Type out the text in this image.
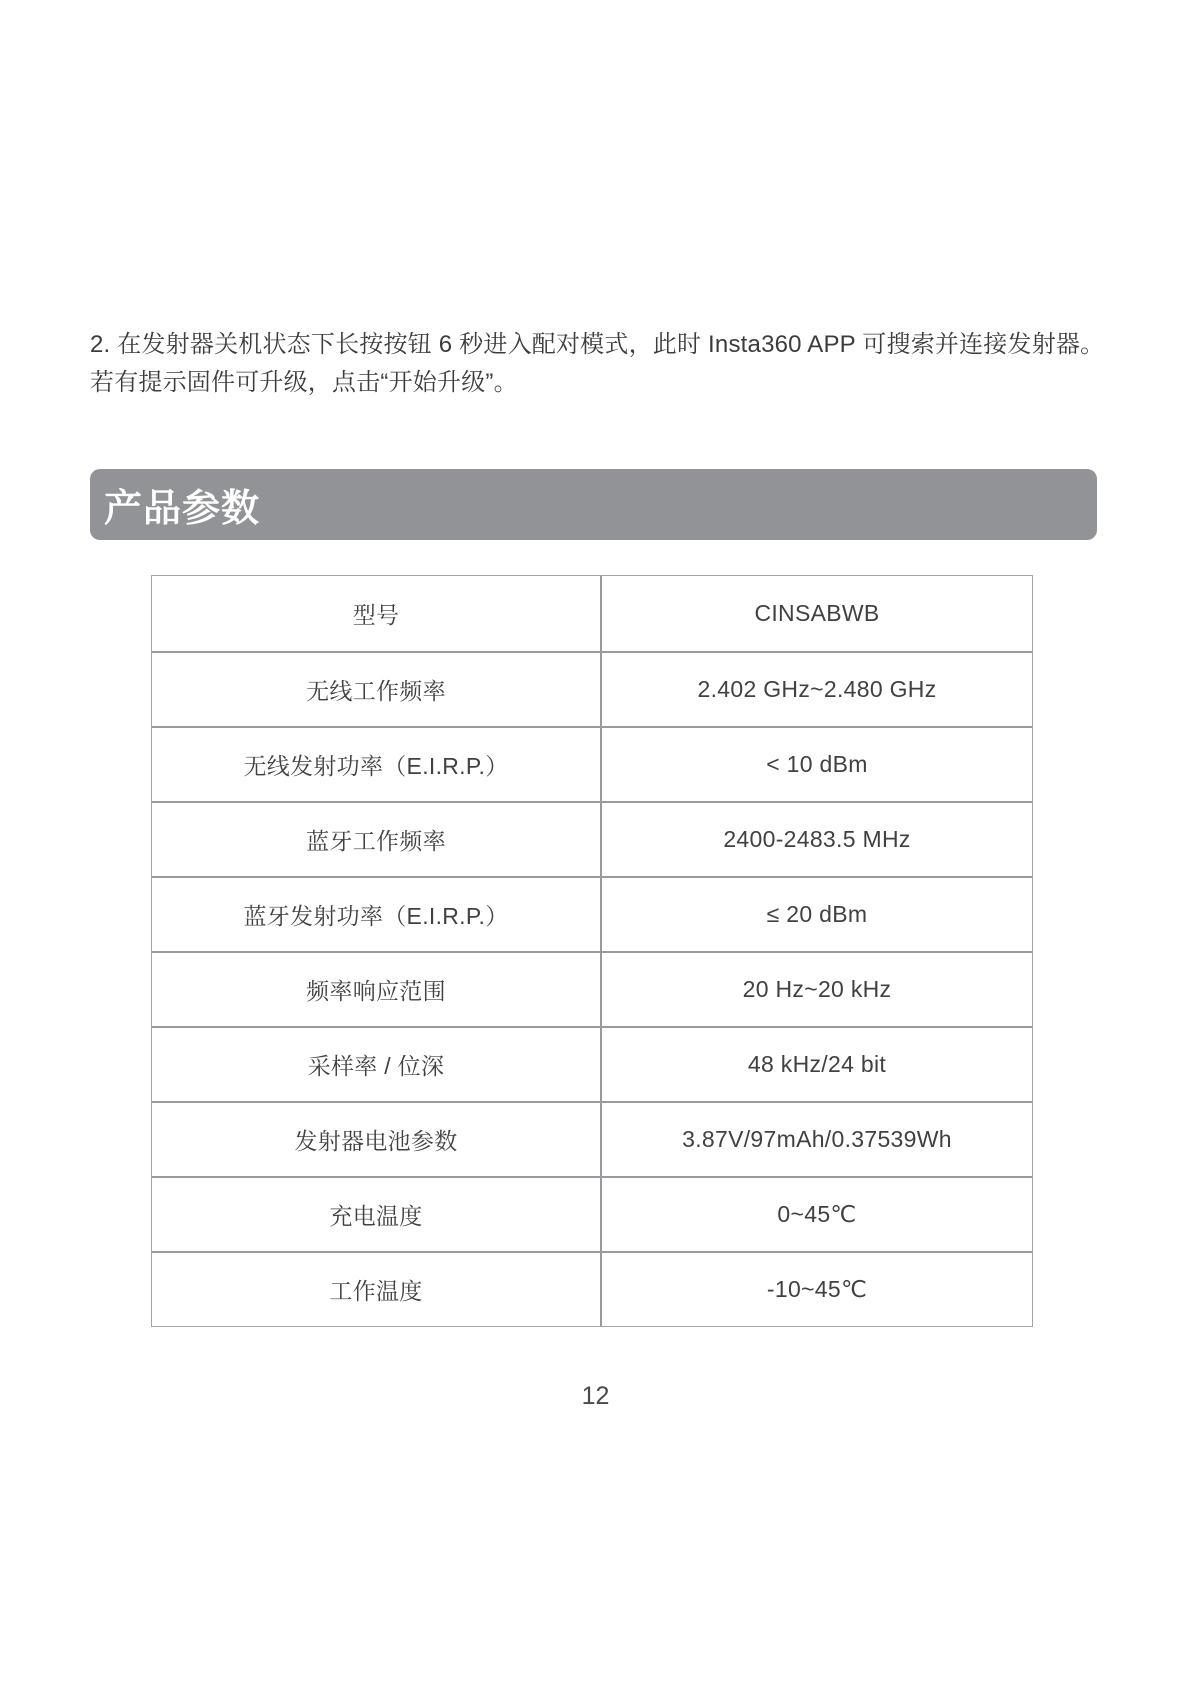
2. 在发射器关机状态下长按按钮 6 秒进入配对模式，此时 Insta360 APP 可搜索并连接发射器。若有提示固件可升级，点击“开始升级”。

产品参数
型号	CINSABWB
无线工作频率	2.402 GHz~2.480 GHz
无线发射功率（E.I.R.P.）	< 10 dBm
蓝牙工作频率	2400-2483.5 MHz
蓝牙发射功率（E.I.R.P.）	≤ 20 dBm
频率响应范围	20 Hz~20 kHz
采样率 / 位深	48 kHz/24 bit
发射器电池参数	3.87V/97mAh/0.37539Wh
充电温度	0~45℃
工作温度	-10~45℃
12
